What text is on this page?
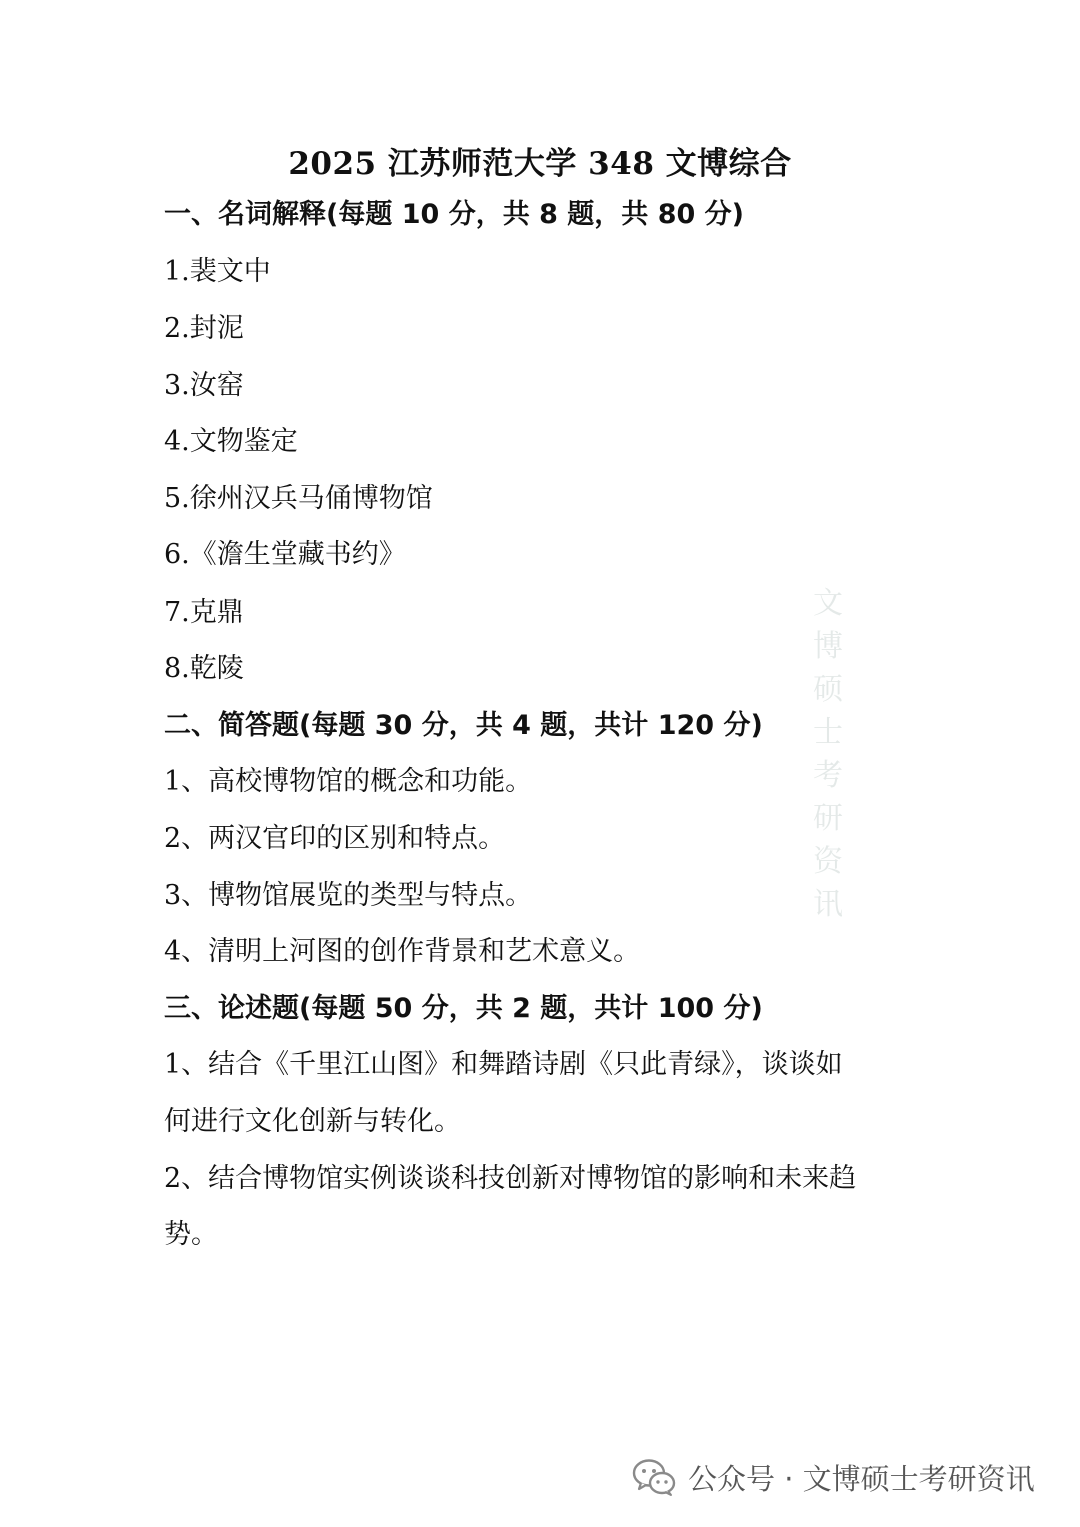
2025 江苏师范大学 348 文博综合
一、名词解释(每题 10 分，共 8 题，共 80 分)
1.裴文中
2.封泥
3.汝窑
4.文物鉴定
5.徐州汉兵马俑博物馆
6.《澹生堂藏书约》
7.克鼎
8.乾陵
二、简答题(每题 30 分，共 4 题，共计 120 分)
1、高校博物馆的概念和功能。
2、两汉官印的区别和特点。
3、博物馆展览的类型与特点。
4、清明上河图的创作背景和艺术意义。
三、论述题(每题 50 分，共 2 题，共计 100 分)
1、结合《千里江山图》和舞踏诗剧《只此青绿》，谈谈如
何进行文化创新与转化。
2、结合博物馆实例谈谈科技创新对博物馆的影响和未来趋
势。
文
博
硕
士
考
研
资
讯
公众号 · 文博硕士考研资讯
